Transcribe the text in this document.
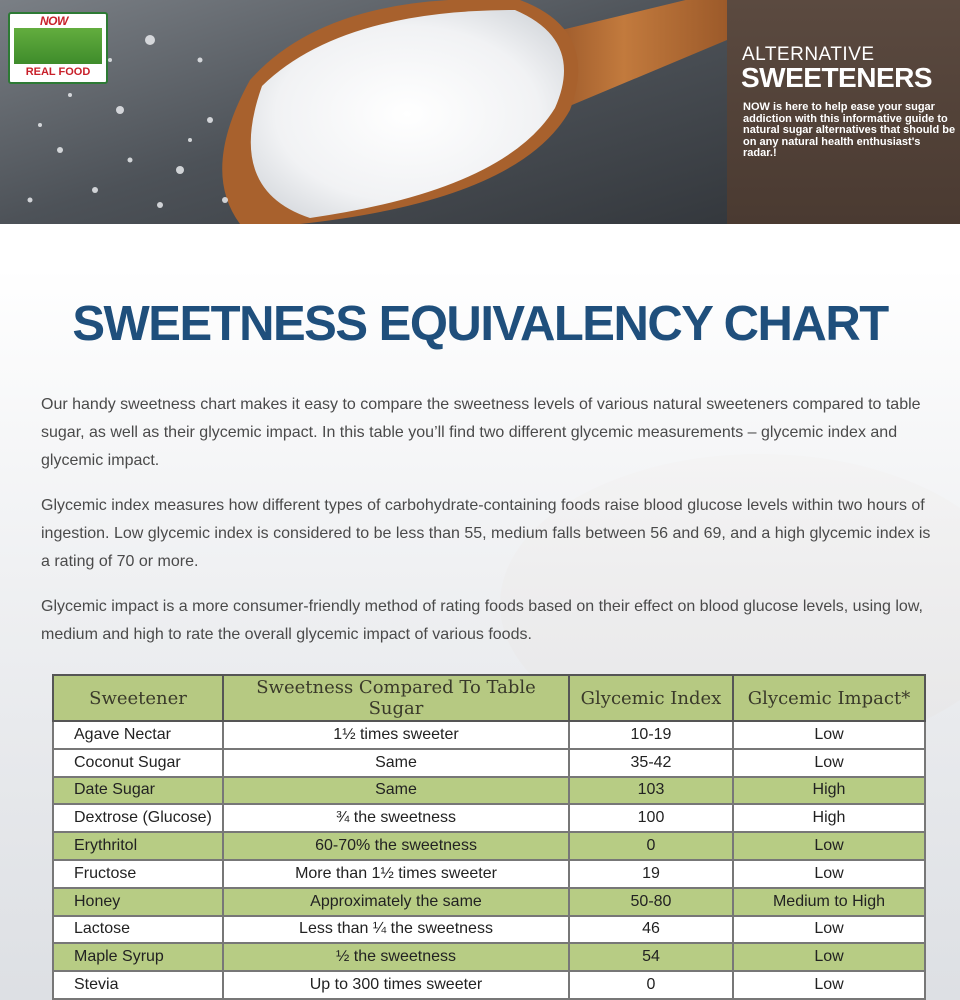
NOW
REAL FOOD
ALTERNATIVE
SWEETENERS
NOW is here to help ease your sugar addiction with this informative guide to natural sugar alternatives that should be on any natural health enthusiast's radar.!
SWEETNESS EQUIVALENCY CHART

Our handy sweetness chart makes it easy to compare the sweetness levels of various natural sweeteners compared to table sugar, as well as their glycemic impact. In this table you’ll find two different glycemic measurements – glycemic index and glycemic impact.

Glycemic index measures how different types of carbohydrate-containing foods raise blood glucose levels within two hours of ingestion. Low glycemic index is considered to be less than 55, medium falls between 56 and 69, and a high glycemic index is a rating of 70 or more.

Glycemic impact is a more consumer-friendly method of rating foods based on their effect on blood glucose levels, using low, medium and high to rate the overall glycemic impact of various foods.

Sweetener	Sweetness Compared To Table Sugar	Glycemic Index	Glycemic Impact*
Agave Nectar	1½ times sweeter	10-19	Low
Coconut Sugar	Same	35-42	Low
Date Sugar	Same	103	High
Dextrose (Glucose)	¾ the sweetness	100	High
Erythritol	60-70% the sweetness	0	Low
Fructose	More than 1½ times sweeter	19	Low
Honey	Approximately the same	50-80	Medium to High
Lactose	Less than ¼ the sweetness	46	Low
Maple Syrup	½ the sweetness	54	Low
Stevia	Up to 300 times sweeter	0	Low
